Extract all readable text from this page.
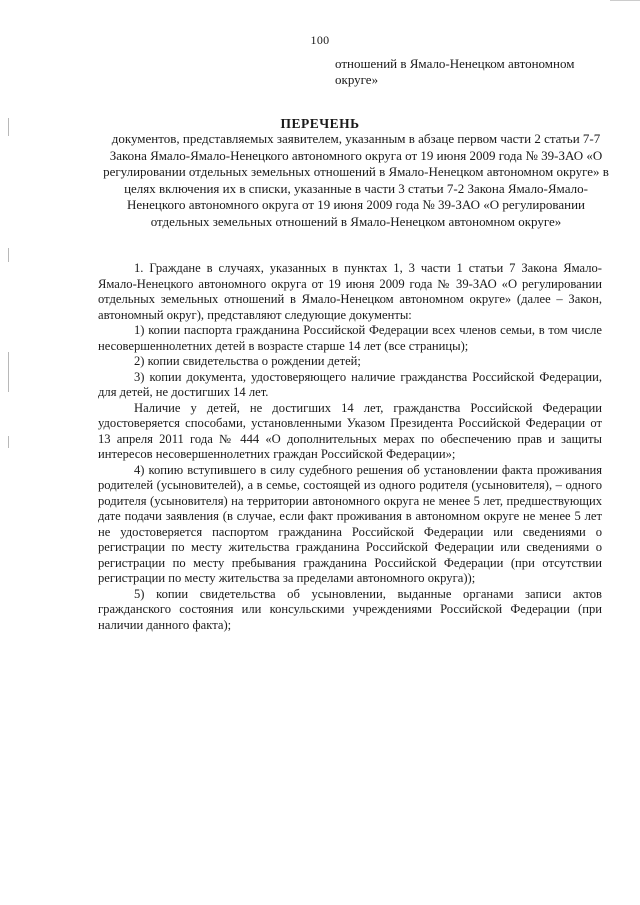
100
отношений в Ямало-Ненецком автономном округе»
ПЕРЕЧЕНЬ
документов, представляемых заявителем, указанным в абзаце первом части 2 статьи 7-7 Закона Ямало-Ямало-Ненецкого автономного округа от 19 июня 2009 года № 39-ЗАО «О регулировании отдельных земельных отношений в Ямало-Ненецком автономном округе» в целях включения их в списки, указанные в части 3 статьи 7-2 Закона Ямало-Ямало-Ненецкого автономного округа от 19 июня 2009 года № 39-ЗАО «О регулировании отдельных земельных отношений в Ямало-Ненецком автономном округе»

1. Граждане в случаях, указанных в пунктах 1, 3 части 1 статьи 7 Закона Ямало-Ямало-Ненецкого автономного округа от 19 июня 2009 года № 39-ЗАО «О регулировании отдельных земельных отношений в Ямало-Ненецком автономном округе» (далее – Закон, автономный округ), представляют следующие документы:

1) копии паспорта гражданина Российской Федерации всех членов семьи, в том числе несовершеннолетних детей в возрасте старше 14 лет (все страницы);

2) копии свидетельства о рождении детей;

3) копии документа, удостоверяющего наличие гражданства Российской Федерации, для детей, не достигших 14 лет.

Наличие у детей, не достигших 14 лет, гражданства Российской Федерации удостоверяется способами, установленными Указом Президента Российской Федерации от 13 апреля 2011 года № 444 «О дополнительных мерах по обеспечению прав и защиты интересов несовершеннолетних граждан Российской Федерации»;

4) копию вступившего в силу судебного решения об установлении факта проживания родителей (усыновителей), а в семье, состоящей из одного родителя (усыновителя), – одного родителя (усыновителя) на территории автономного округа не менее 5 лет, предшествующих дате подачи заявления (в случае, если факт проживания в автономном округе не менее 5 лет не удостоверяется паспортом гражданина Российской Федерации или сведениями о регистрации по месту жительства гражданина Российской Федерации или сведениями о регистрации по месту пребывания гражданина Российской Федерации (при отсутствии регистрации по месту жительства за пределами автономного округа));

5) копии свидетельства об усыновлении, выданные органами записи актов гражданского состояния или консульскими учреждениями Российской Федерации (при наличии данного факта);
